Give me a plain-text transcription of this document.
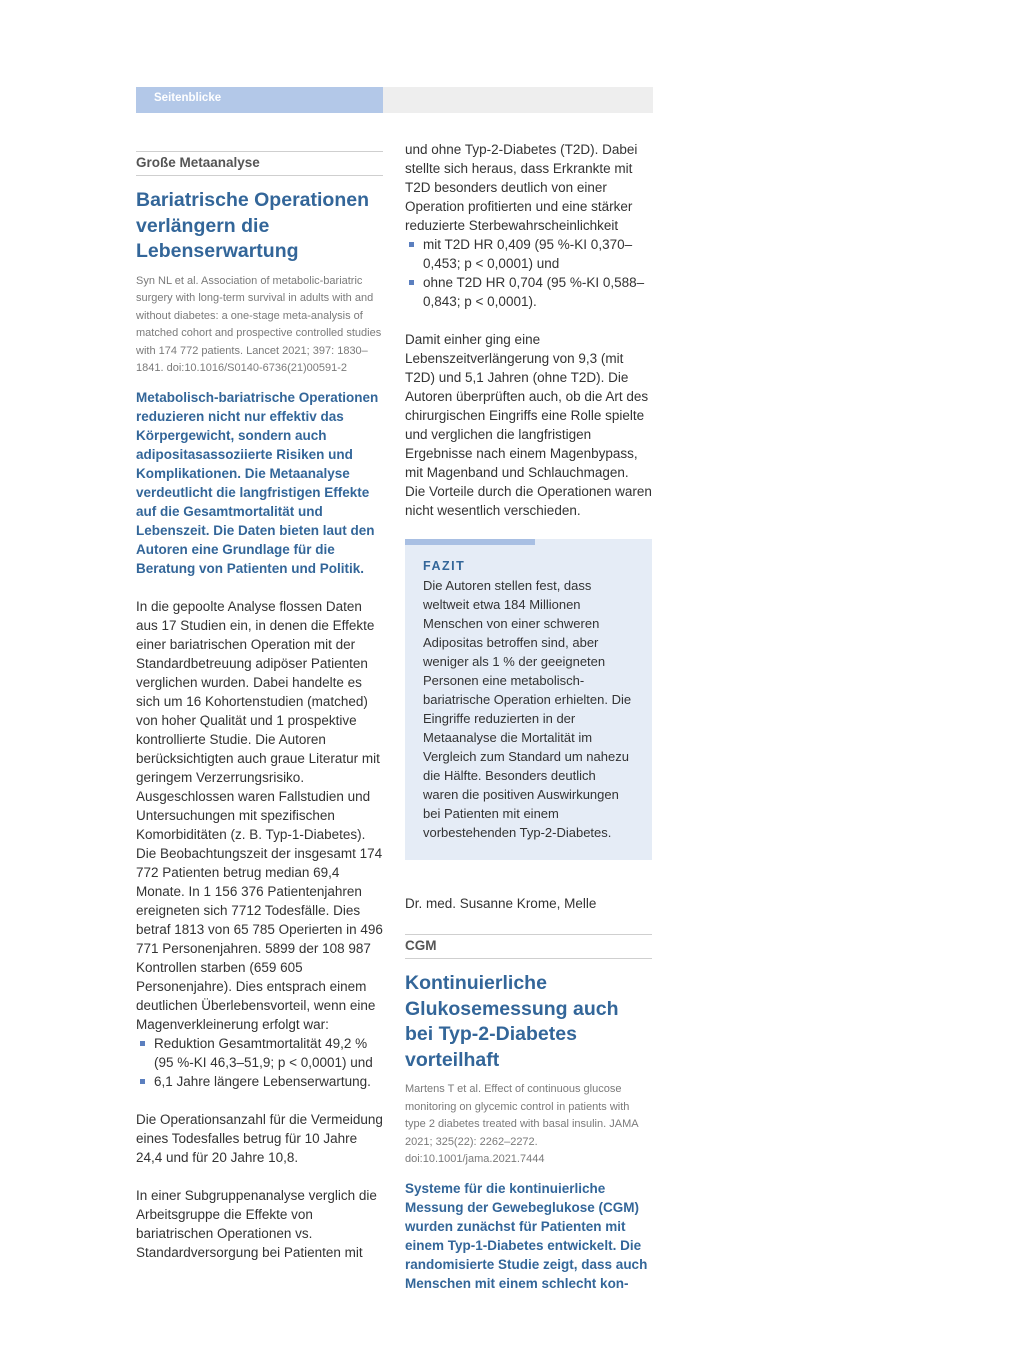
Seitenblicke
Große Metaanalyse
Bariatrische Operationen verlängern die Lebenserwartung
Syn NL et al. Association of metabolic-bariatric surgery with long-term survival in adults with and without diabetes: a one-stage meta-analysis of matched cohort and prospective controlled studies with 174 772 patients. Lancet 2021; 397: 1830–1841. doi:10.1016/S0140-6736(21)00591-2
Metabolisch-bariatrische Operationen reduzieren nicht nur effektiv das Körpergewicht, sondern auch adipositasassoziierte Risiken und Komplikationen. Die Metaanalyse verdeutlicht die langfristigen Effekte auf die Gesamtmortalität und Lebenszeit. Die Daten bieten laut den Autoren eine Grundlage für die Beratung von Patienten und Politik.
In die gepoolte Analyse flossen Daten aus 17 Studien ein, in denen die Effekte einer bariatrischen Operation mit der Standardbetreuung adipöser Patienten verglichen wurden. Dabei handelte es sich um 16 Kohortenstudien (matched) von hoher Qualität und 1 prospektive kontrollierte Studie. Die Autoren berücksichtigten auch graue Literatur mit geringem Verzerrungsrisiko. Ausgeschlossen waren Fallstudien und Untersuchungen mit spezifischen Komorbiditäten (z. B. Typ-1-Diabetes). Die Beobachtungszeit der insgesamt 174 772 Patienten betrug median 69,4 Monate. In 1 156 376 Patientenjahren ereigneten sich 7712 Todesfälle. Dies betraf 1813 von 65 785 Operierten in 496 771 Personenjahren. 5899 der 108 987 Kontrollen starben (659 605 Personenjahre). Dies entsprach einem deutlichen Überlebensvorteil, wenn eine Magenverkleinerung erfolgt war:
Reduktion Gesamtmortalität 49,2 % (95 %-KI 46,3–51,9; p < 0,0001) und
6,1 Jahre längere Lebenserwartung.
Die Operationsanzahl für die Vermeidung eines Todesfalles betrug für 10 Jahre 24,4 und für 20 Jahre 10,8.
In einer Subgruppenanalyse verglich die Arbeitsgruppe die Effekte von bariatrischen Operationen vs. Standardversorgung bei Patienten mit
und ohne Typ-2-Diabetes (T2D). Dabei stellte sich heraus, dass Erkrankte mit T2D besonders deutlich von einer Operation profitierten und eine stärker reduzierte Sterbewahrscheinlichkeit
mit T2D HR 0,409 (95 %-KI 0,370–0,453; p < 0,0001) und
ohne T2D HR 0,704 (95 %-KI 0,588–0,843; p < 0,0001).
Damit einher ging eine Lebenszeitverlängerung von 9,3 (mit T2D) und 5,1 Jahren (ohne T2D). Die Autoren überprüften auch, ob die Art des chirurgischen Eingriffs eine Rolle spielte und verglichen die langfristigen Ergebnisse nach einem Magenbypass, mit Magenband und Schlauchmagen. Die Vorteile durch die Operationen waren nicht wesentlich verschieden.
FAZIT
Die Autoren stellen fest, dass weltweit etwa 184 Millionen Menschen von einer schweren Adipositas betroffen sind, aber weniger als 1 % der geeigneten Personen eine metabolisch-bariatrische Operation erhielten. Die Eingriffe reduzierten in der Metaanalyse die Mortalität im Vergleich zum Standard um nahezu die Hälfte. Besonders deutlich waren die positiven Auswirkungen bei Patienten mit einem vorbestehenden Typ-2-Diabetes.
Dr. med. Susanne Krome, Melle
CGM
Kontinuierliche Glukosemessung auch bei Typ-2-Diabetes vorteilhaft
Martens T et al. Effect of continuous glucose monitoring on glycemic control in patients with type 2 diabetes treated with basal insulin. JAMA 2021; 325(22): 2262–2272. doi:10.1001/jama.2021.7444
Systeme für die kontinuierliche Messung der Gewebeglukose (CGM) wurden zunächst für Patienten mit einem Typ-1-Diabetes entwickelt. Die randomisierte Studie zeigt, dass auch Menschen mit einem schlecht kon-
